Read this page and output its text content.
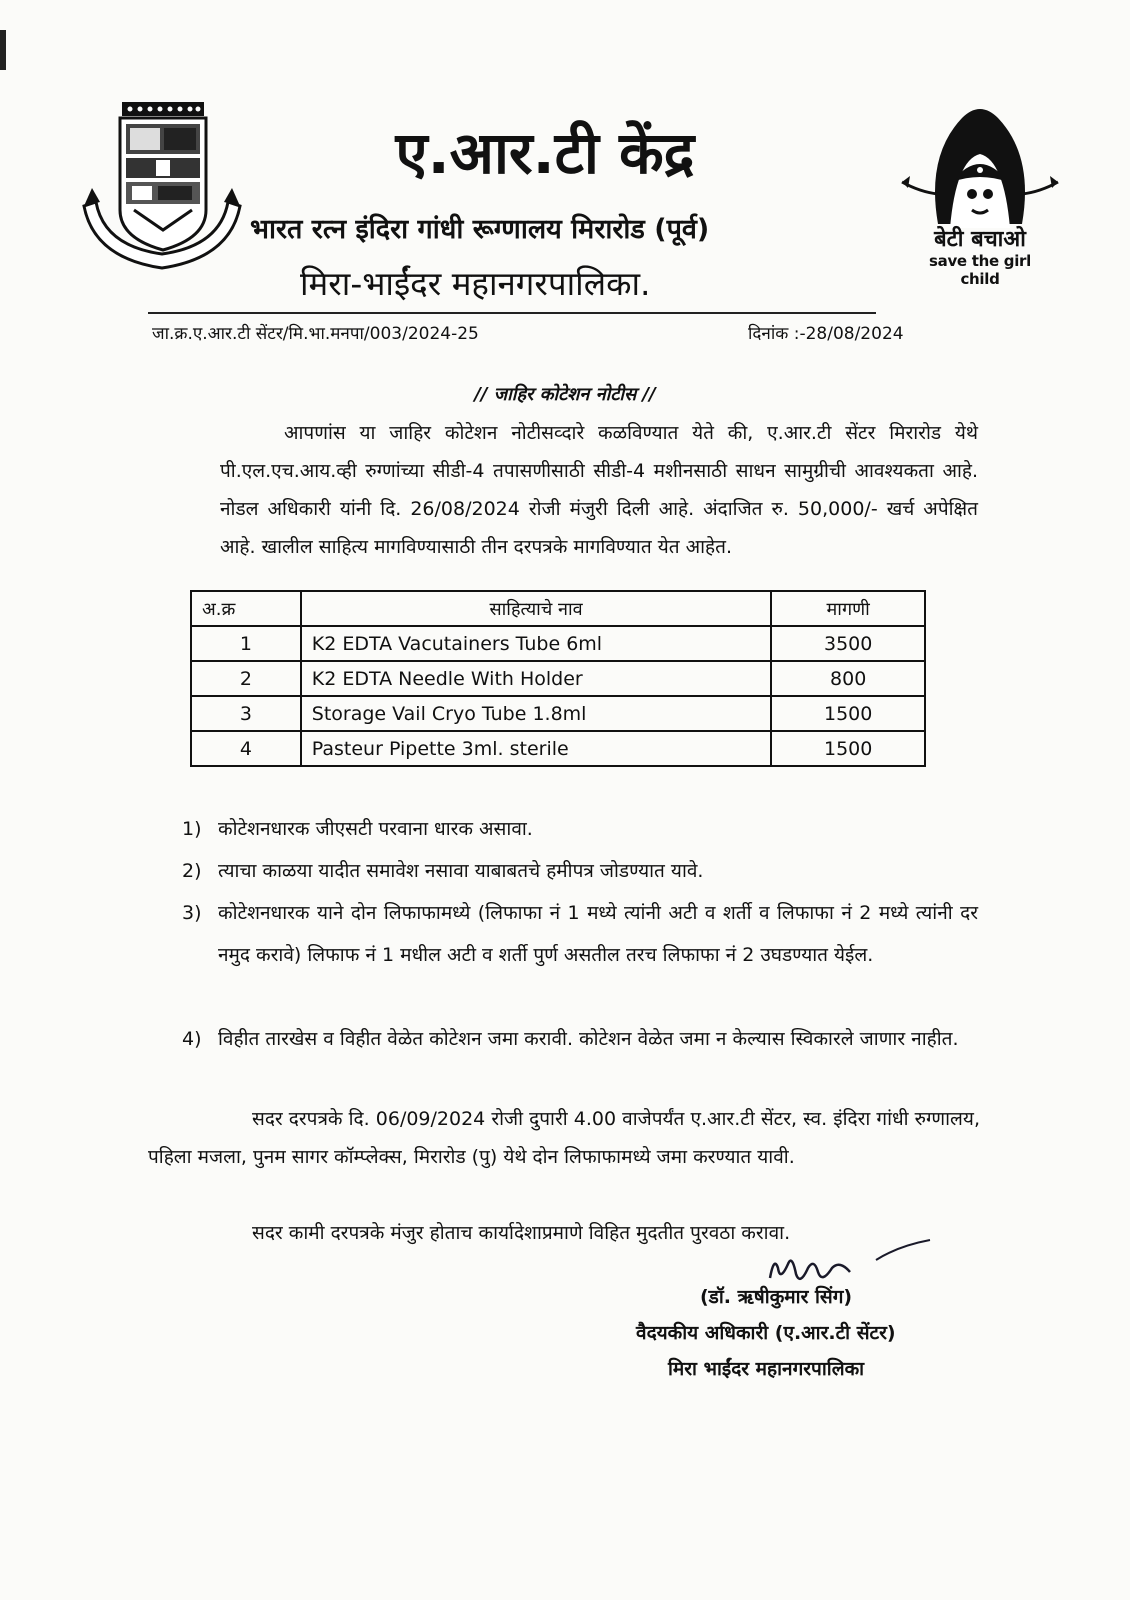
ए.आर.टी केंद्र
भारत रत्न इंदिरा गांधी रूग्णालय मिरारोड (पूर्व)
मिरा-भाईंदर महानगरपालिका.
बेटी बचाओ
save the girl child
जा.क्र.ए.आर.टी सेंटर/मि.भा.मनपा/003/2024-25	दिनांक :-28/08/2024
// जाहिर कोटेशन नोटीस //
आपणांस या जाहिर कोटेशन नोटीसव्दारे कळविण्यात येते की, ए.आर.टी सेंटर मिरारोड येथे पी.एल.एच.आय.व्ही रुग्णांच्या सीडी-4 तपासणीसाठी सीडी-4 मशीनसाठी साधन सामुग्रीची आवश्यकता आहे. नोडल अधिकारी यांनी दि. 26/08/2024 रोजी मंजुरी दिली आहे. अंदाजित रु. 50,000/- खर्च अपेक्षित आहे. खालील साहित्य मागविण्यासाठी तीन दरपत्रके मागविण्यात येत आहेत.
अ.क्र	साहित्याचे नाव	मागणी
1	K2 EDTA Vacutainers Tube 6ml	3500
2	K2 EDTA Needle With Holder	800
3	Storage Vail Cryo Tube 1.8ml	1500
4	Pasteur Pipette 3ml. sterile	1500
1) कोटेशनधारक जीएसटी परवाना धारक असावा.
2) त्याचा काळया यादीत समावेश नसावा याबाबतचे हमीपत्र जोडण्यात यावे.
3) कोटेशनधारक याने दोन लिफाफामध्ये (लिफाफा नं 1 मध्ये त्यांनी अटी व शर्ती व लिफाफा नं 2 मध्ये त्यांनी दर नमुद करावे) लिफाफ नं 1 मधील अटी व शर्ती पुर्ण असतील तरच लिफाफा नं 2 उघडण्यात येईल.
4) विहीत तारखेस व विहीत वेळेत कोटेशन जमा करावी. कोटेशन वेळेत जमा न केल्यास स्विकारले जाणार नाहीत.
सदर दरपत्रके दि. 06/09/2024 रोजी दुपारी 4.00 वाजेपर्यंत ए.आर.टी सेंटर, स्व. इंदिरा गांधी रुग्णालय, पहिला मजला, पुनम सागर कॉम्प्लेक्स, मिरारोड (पु) येथे दोन लिफाफामध्ये जमा करण्यात यावी.
सदर कामी दरपत्रके मंजुर होताच कार्यादेशाप्रमाणे विहित मुदतीत पुरवठा करावा.
(डॉ. ऋषीकुमार सिंग)
वैदयकीय अधिकारी (ए.आर.टी सेंटर)
मिरा भाईंदर महानगरपालिका
